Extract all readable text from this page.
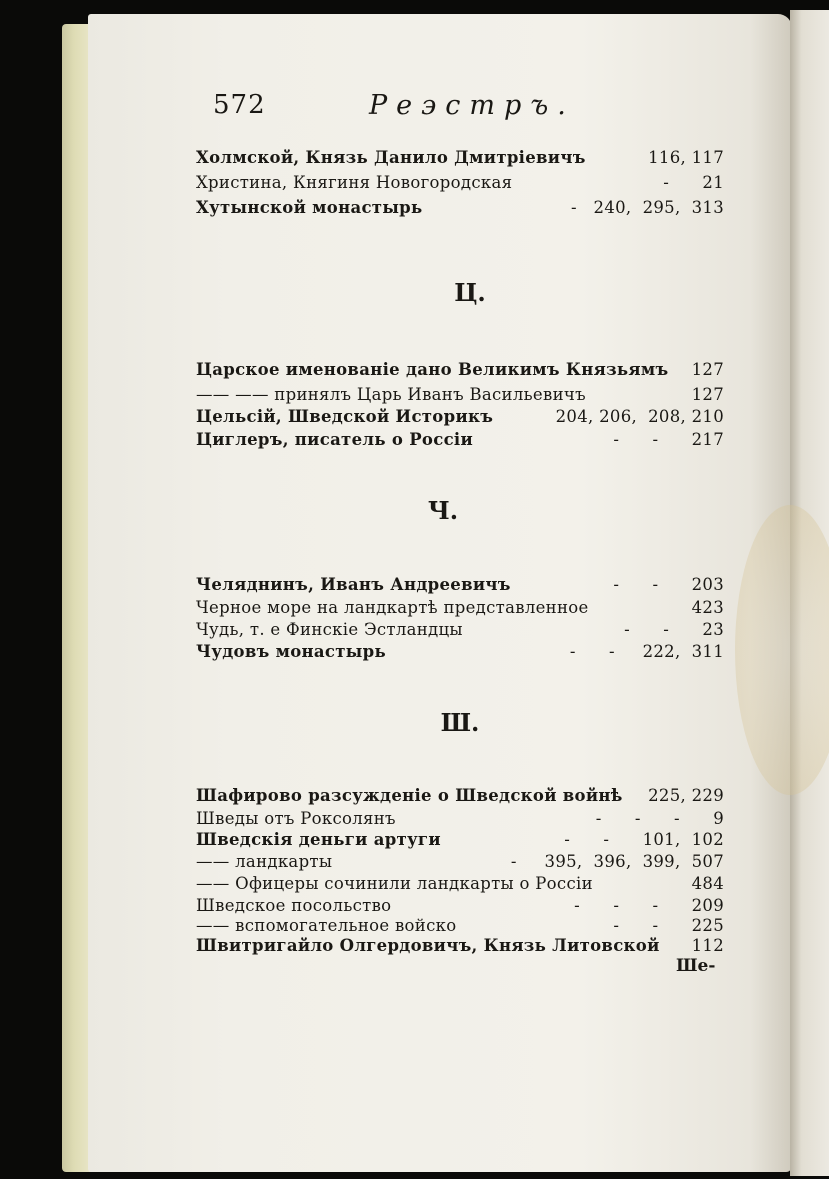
572	Реэстръ.
Холмской, Князь Данило Дмитріевичъ	116, 117
Христина, Княгиня Новогородская	-      21
Хутынской монастырь	-   240,  295,  313
Ц.
Царское именованіе дано Великимъ Князьямъ 127
—— —— принялъ Царь Иванъ Васильевичъ	127
Цельсій, Шведской Историкъ	204, 206,  208, 210
Циглеръ, писатель о Россіи	-      -      217
Ч.
Челяднинъ, Иванъ Андреевичъ	-      -      203
Черное море на ландкартѣ представленное	423
Чудь, т. е Финскіе Эстландцы	-      -      23
Чудовъ монастырь	-      -     222,  311
Ш.
Шафирово разсужденіе о Шведской войнѣ 225, 229
Шведы отъ Роксолянъ	-      -      -      9
Шведскія деньги артуги	-      -      101,  102
—— ландкарты	-     395,  396,  399,  507
—— Офицеры сочинили ландкарты о Россіи	484
Шведское посольство	-      -      -      209
—— вспомогательное войско	-      -      225
Швитригайло Олгердовичъ, Князь Литовской 112
Ше-
